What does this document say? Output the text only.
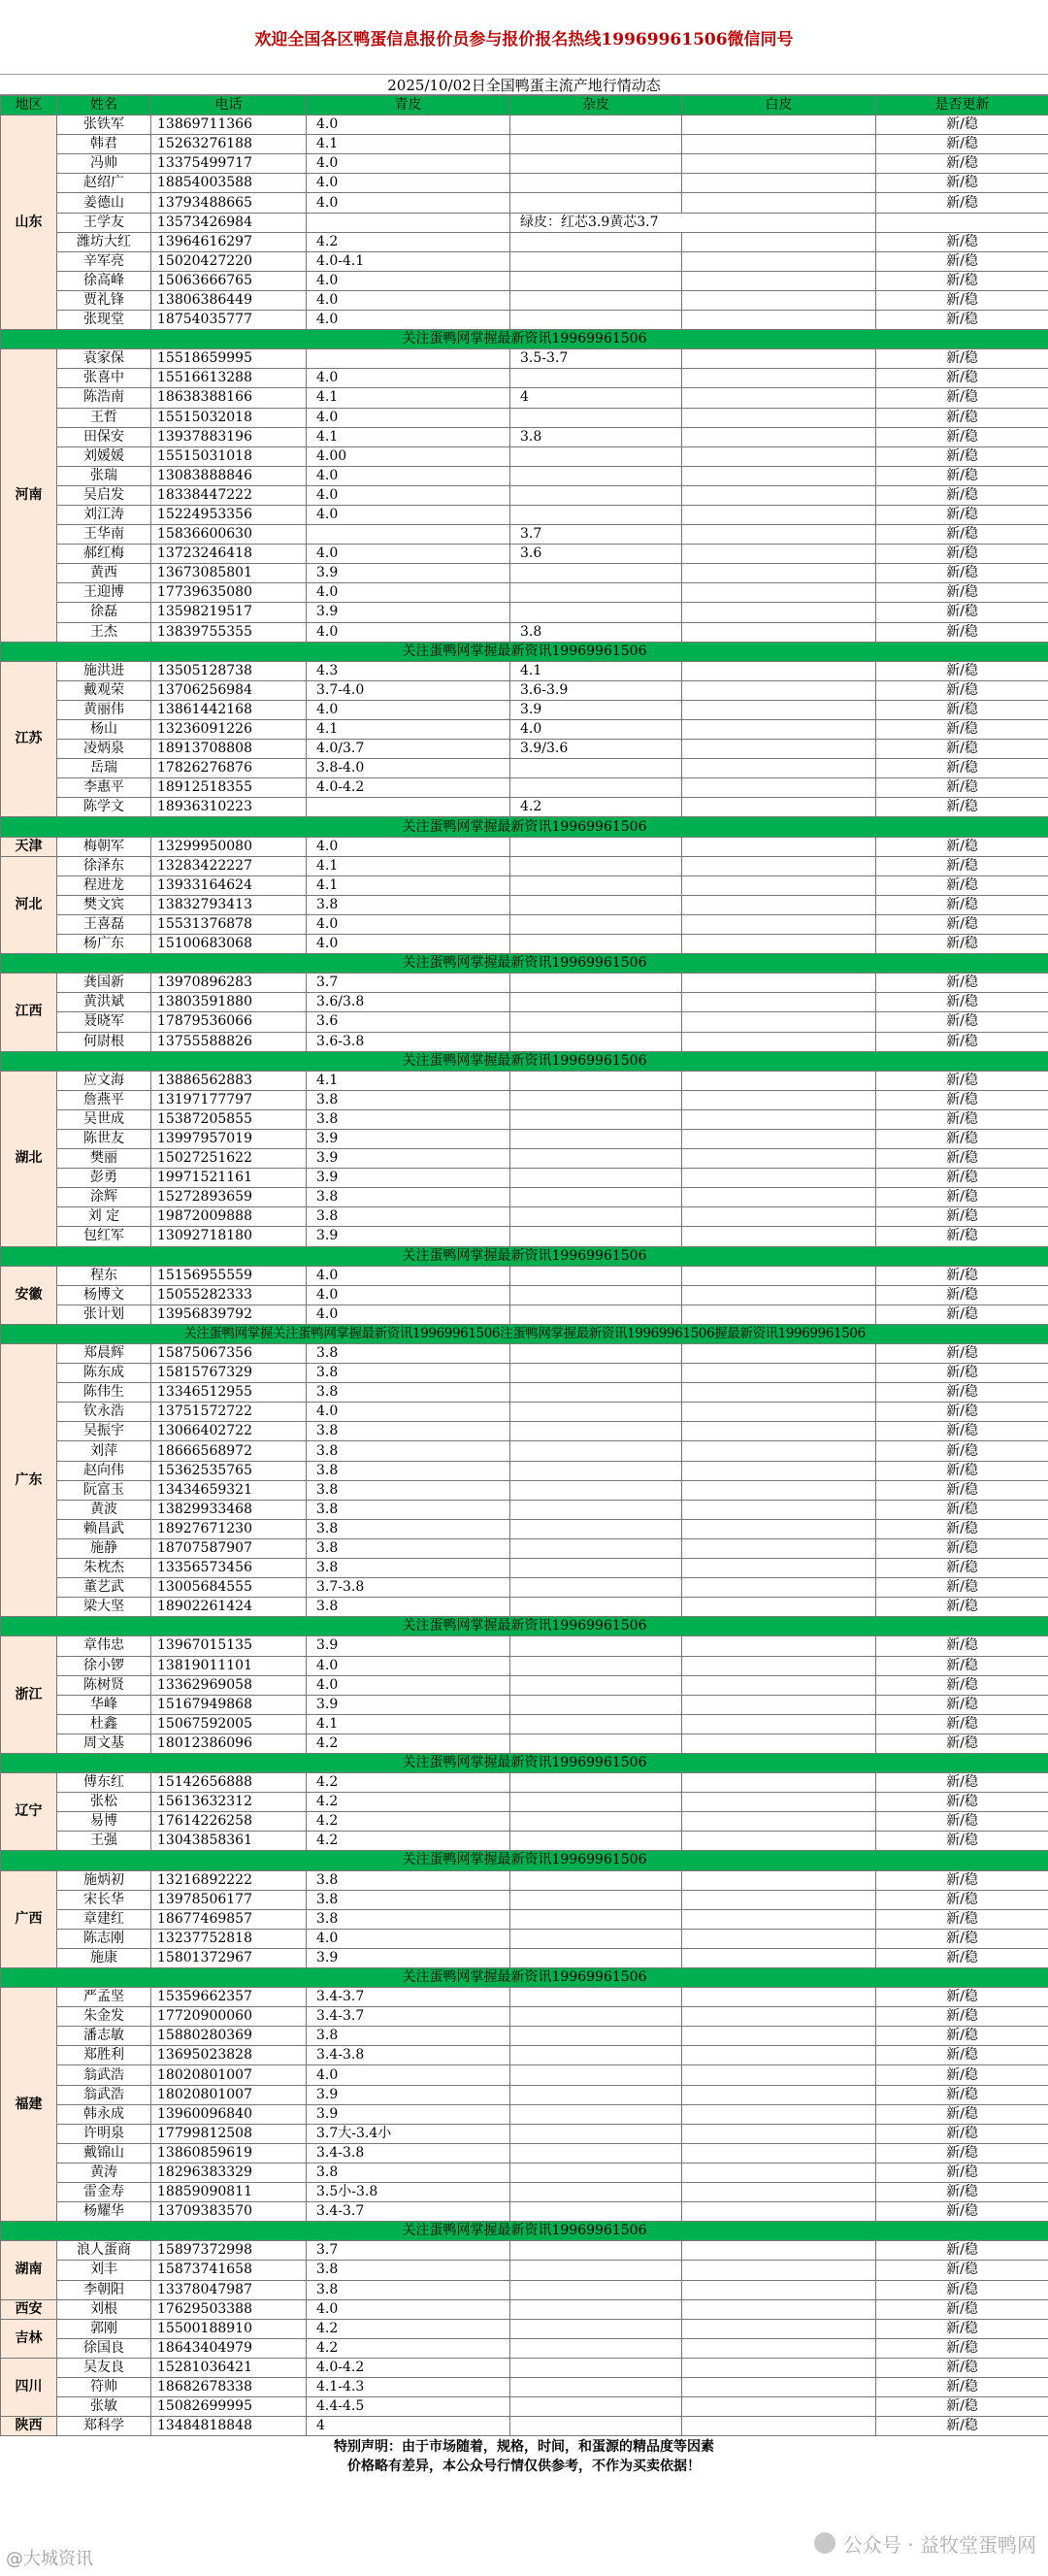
欢迎全国各区鸭蛋信息报价员参与报价报名热线19969961506微信同号
2025/10/02日全国鸭蛋主流产地行情动态
地区	姓名	电话	青皮		杂皮	白皮		是否更新	
山东	张铁军	13869711366	4.0					新/稳	
	韩君	15263276188	4.1					新/稳	
	冯帅	13375499717	4.0					新/稳	
	赵绍广	18854003588	4.0					新/稳	
	姜德山	13793488665	4.0					新/稳	
	王学友	13573426984			绿皮：红芯3.9黄芯3.7		
	潍坊大红	13964616297	4.2					新/稳	
	辛军亮	15020427220	4.0-4.1					新/稳	
	徐高峰	15063666765	4.0					新/稳	
	贾礼锋	13806386449	4.0					新/稳	
	张现堂	18754035777	4.0					新/稳	
关注蛋鸭网掌握最新资讯19969961506							
河南	袁家保	15518659995			3.5-3.7			新/稳	
	张喜中	15516613288	4.0					新/稳	
	陈浩南	18638388166	4.1		4			新/稳	
	王哲	15515032018	4.0					新/稳	
	田保安	13937883196	4.1		3.8			新/稳	
	刘媛媛	15515031018	4.00					新/稳	
	张瑞	13083888846	4.0					新/稳	
	吴启发	18338447222	4.0					新/稳	
	刘江涛	15224953356	4.0					新/稳	
	王华南	15836600630			3.7			新/稳	
	郝红梅	13723246418	4.0		3.6			新/稳	
	黄西	13673085801	3.9					新/稳	
	王迎博	17739635080	4.0					新/稳	
	徐磊	13598219517	3.9					新/稳	
	王杰	13839755355	4.0		3.8			新/稳	
关注蛋鸭网掌握最新资讯19969961506							
江苏	施洪进	13505128738	4.3		4.1			新/稳	
	戴观荣	13706256984	3.7-4.0		3.6-3.9			新/稳	
	黄丽伟	13861442168	4.0		3.9			新/稳	
	杨山	13236091226	4.1		4.0			新/稳	
	凌炳泉	18913708808	4.0/3.7		3.9/3.6			新/稳	
	岳瑞	17826276876	3.8-4.0					新/稳	
	李惠平	18912518355	4.0-4.2					新/稳	
	陈学文	18936310223			4.2			新/稳	
关注蛋鸭网掌握最新资讯19969961506							
天津	梅朝军	13299950080	4.0					新/稳	
河北	徐泽东	13283422227	4.1					新/稳	
	程进龙	13933164624	4.1					新/稳	
	樊文宾	13832793413	3.8					新/稳	
	王喜磊	15531376878	4.0					新/稳	
	杨广东	15100683068	4.0					新/稳	
关注蛋鸭网掌握最新资讯19969961506							
江西	龚国新	13970896283	3.7					新/稳	
	黄洪斌	13803591880	3.6/3.8					新/稳	
	聂晓军	17879536066	3.6					新/稳	
	何尉根	13755588826	3.6-3.8					新/稳	
关注蛋鸭网掌握最新资讯19969961506							
湖北	应文海	13886562883	4.1					新/稳	
	詹燕平	13197177797	3.8					新/稳	
	吴世成	15387205855	3.8					新/稳	
	陈世友	13997957019	3.9					新/稳	
	樊丽	15027251622	3.9					新/稳	
	彭勇	19971521161	3.9					新/稳	
	涂辉	15272893659	3.8					新/稳	
	刘 定	19872009888	3.8					新/稳	
	包红军	13092718180	3.9					新/稳	
关注蛋鸭网掌握最新资讯19969961506							
安徽	程东	15156955559	4.0					新/稳	
	杨博文	15055282333	4.0					新/稳	
	张计划	13956839792	4.0					新/稳	
关注蛋鸭网掌握关注蛋鸭网掌握最新资讯19969961506注蛋鸭网掌握最新资讯19969961506握最新资讯19969961506							
广东	郑晨辉	15875067356	3.8					新/稳	
	陈东成	15815767329	3.8					新/稳	
	陈伟生	13346512955	3.8					新/稳	
	钦永浩	13751572722	4.0					新/稳	
	吴振宇	13066402722	3.8					新/稳	
	刘萍	18666568972	3.8					新/稳	
	赵向伟	15362535765	3.8					新/稳	
	阮富玉	13434659321	3.8					新/稳	
	黄波	13829933468	3.8					新/稳	
	赖昌武	18927671230	3.8					新/稳	
	施静	18707587907	3.8					新/稳	
	朱枕杰	13356573456	3.8					新/稳	
	董艺武	13005684555	3.7-3.8					新/稳	
	梁大坚	18902261424	3.8					新/稳	
关注蛋鸭网掌握最新资讯19969961506							
浙江	章伟忠	13967015135	3.9					新/稳	
	徐小锣	13819011101	4.0					新/稳	
	陈树贤	13362969058	4.0					新/稳	
	华峰	15167949868	3.9					新/稳	
	杜鑫	15067592005	4.1					新/稳	
	周文基	18012386096	4.2					新/稳	
关注蛋鸭网掌握最新资讯19969961506							
辽宁	傅东红	15142656888	4.2					新/稳	
	张松	15613632312	4.2					新/稳	
	易博	17614226258	4.2					新/稳	
	王强	13043858361	4.2					新/稳	
关注蛋鸭网掌握最新资讯19969961506							
广西	施炳初	13216892222	3.8					新/稳	
	宋长华	13978506177	3.8					新/稳	
	章建红	18677469857	3.8					新/稳	
	陈志刚	13237752818	4.0					新/稳	
	施康	15801372967	3.9					新/稳	
关注蛋鸭网掌握最新资讯19969961506							
福建	严孟坚	15359662357	3.4-3.7					新/稳	
	朱金发	17720900060	3.4-3.7					新/稳	
	潘志敏	15880280369	3.8					新/稳	
	郑胜利	13695023828	3.4-3.8					新/稳	
	翁武浩	18020801007	4.0					新/稳	
	翁武浩	18020801007	3.9					新/稳	
	韩永成	13960096840	3.9					新/稳	
	许明泉	17799812508	3.7大-3.4小					新/稳	
	戴锦山	13860859619	3.4-3.8					新/稳	
	黄涛	18296383329	3.8					新/稳	
	雷金寿	18859090811	3.5小-3.8					新/稳	
	杨耀华	13709383570	3.4-3.7					新/稳	
关注蛋鸭网掌握最新资讯19969961506							
湖南	浪人蛋商	15897372998	3.7					新/稳	
	刘丰	15873741658	3.8					新/稳	
	李朝阳	13378047987	3.8					新/稳	
西安	刘根	17629503388	4.0					新/稳	
吉林	郭刚	15500188910	4.2					新/稳	
	徐国良	18643404979	4.2					新/稳	
四川	吴友良	15281036421	4.0-4.2					新/稳	
	符帅	18682678338	4.1-4.3					新/稳	
	张敏	15082699995	4.4-4.5					新/稳	
陕西	郑科学	13484818848	4					新/稳	
特别声明：由于市场随着，规格，时间，和蛋源的精品度等因素
价格略有差异，本公众号行情仅供参考，不作为买卖依据！
公众号 · 益牧堂蛋鸭网
@大城资讯
